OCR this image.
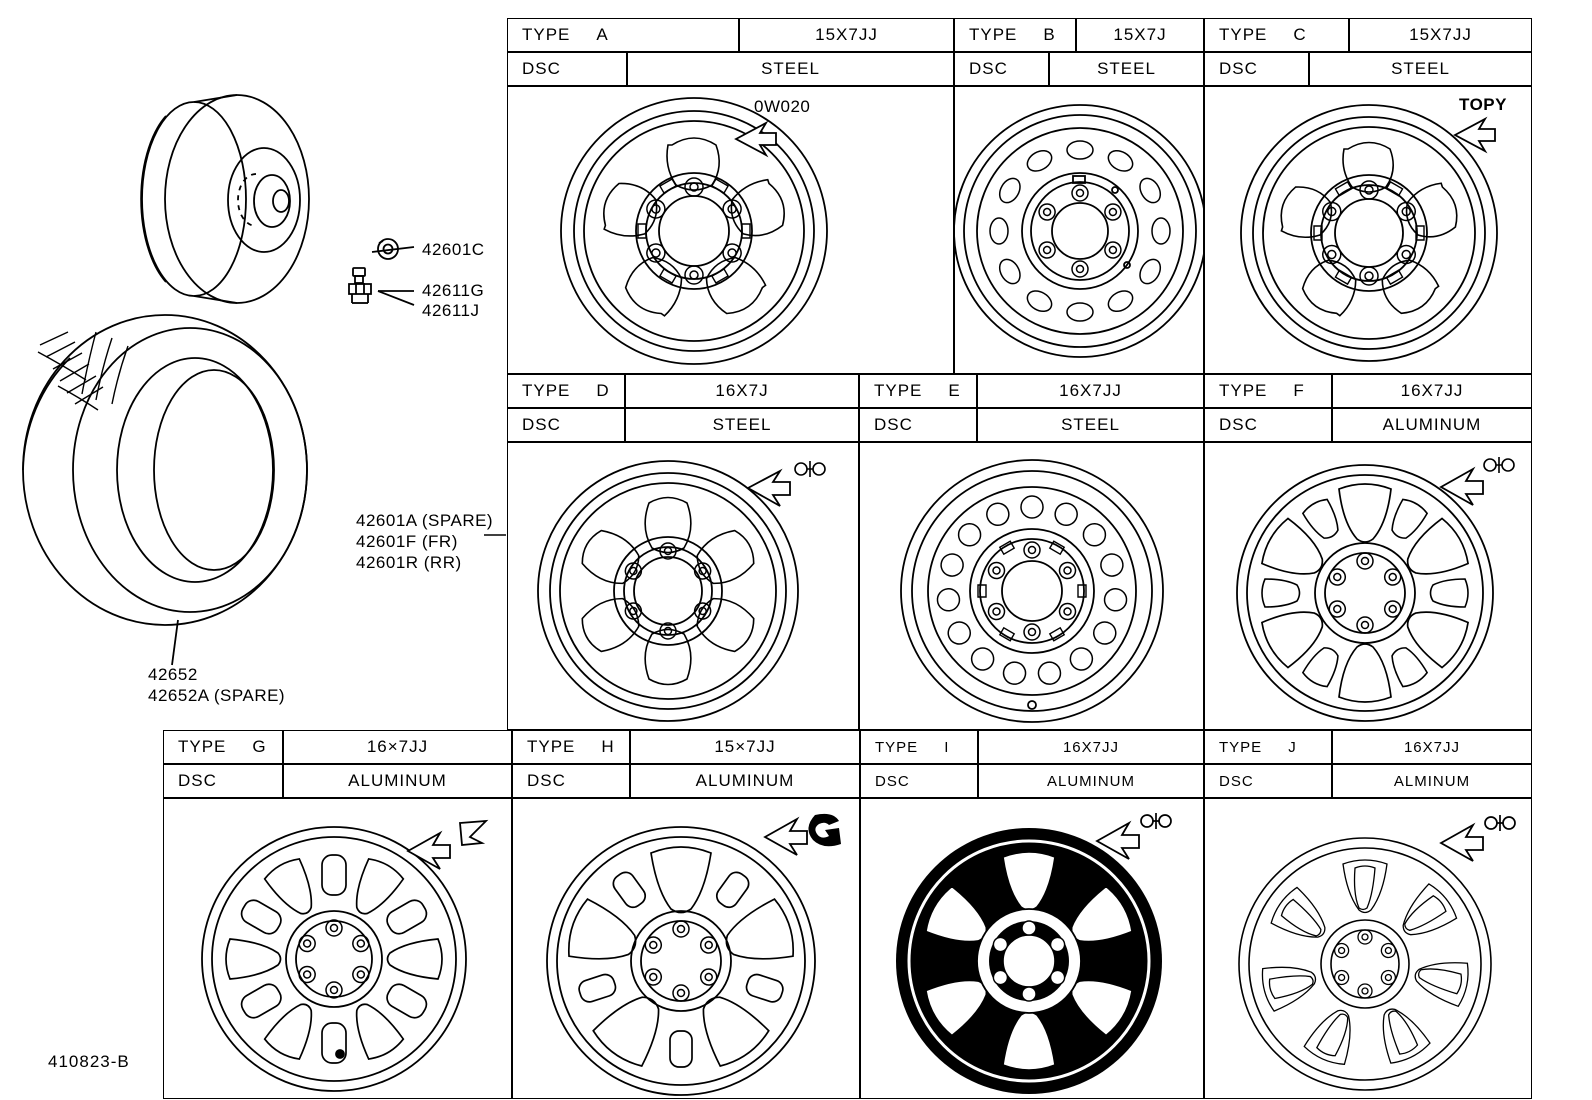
42601C
42611G
42611J
42652
42652A (SPARE)
42601A (SPARE)
42601F (FR)
42601R (RR)
410823-B
TYPE A	15X7JJ
DSC	STEEL
TYPE B	15X7J
DSC	STEEL
TYPE C	15X7JJ
DSC	STEEL
0W020	TOPY
TYPE D	16X7J
DSC	STEEL
TYPE E	16X7JJ
DSC	STEEL
TYPE F	16X7JJ
DSC	ALUMINUM
TYPE G	16×7JJ
DSC	ALUMINUM
TYPE H	15×7JJ
DSC	ALUMINUM
TYPE I	16X7JJ
DSC	ALUMINUM
TYPE J	16X7JJ
DSC	ALMINUM
